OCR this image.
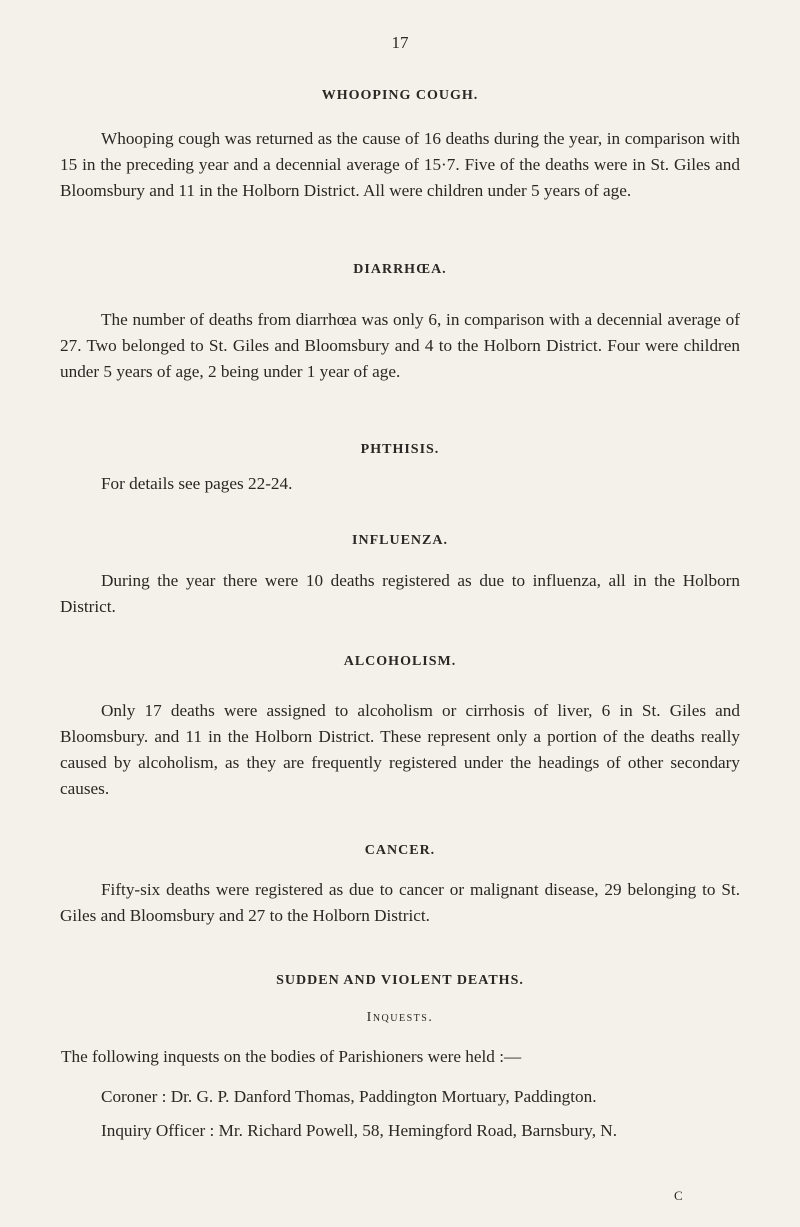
17
WHOOPING COUGH.
Whooping cough was returned as the cause of 16 deaths during the year, in comparison with 15 in the preceding year and a decennial average of 15·7. Five of the deaths were in St. Giles and Bloomsbury and 11 in the Holborn District. All were children under 5 years of age.
DIARRHŒA.
The number of deaths from diarrhœa was only 6, in comparison with a decennial average of 27. Two belonged to St. Giles and Bloomsbury and 4 to the Holborn District. Four were children under 5 years of age, 2 being under 1 year of age.
PHTHISIS.
For details see pages 22-24.
INFLUENZA.
During the year there were 10 deaths registered as due to influenza, all in the Holborn District.
ALCOHOLISM.
Only 17 deaths were assigned to alcoholism or cirrhosis of liver, 6 in St. Giles and Bloomsbury. and 11 in the Holborn District. These represent only a portion of the deaths really caused by alcoholism, as they are frequently registered under the headings of other secondary causes.
CANCER.
Fifty-six deaths were registered as due to cancer or malignant disease, 29 belonging to St. Giles and Bloomsbury and 27 to the Holborn District.
SUDDEN AND VIOLENT DEATHS.
Inquests.
The following inquests on the bodies of Parishioners were held :—
Coroner : Dr. G. P. Danford Thomas, Paddington Mortuary, Paddington.
Inquiry Officer : Mr. Richard Powell, 58, Hemingford Road, Barnsbury, N.
C
